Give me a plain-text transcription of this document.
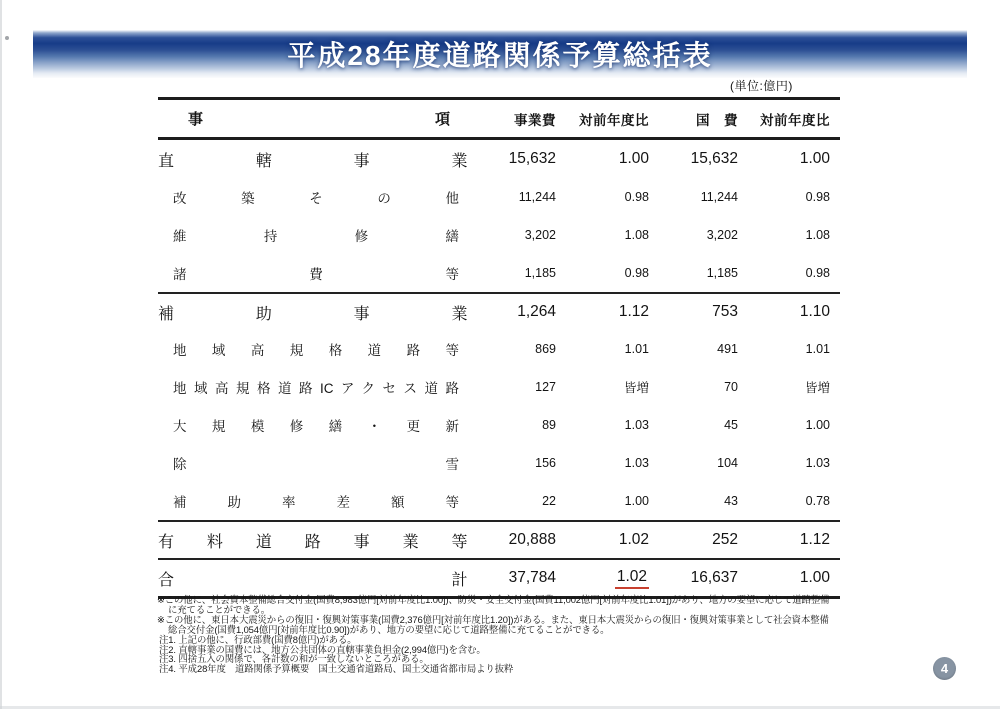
平成28年度道路関係予算総括表
(単位:億円)
事項	事業費	対前年度比	国　費	対前年度比
直轄事業	15,632	1.00	15,632	1.00
改築その他	11,244	0.98	11,244	0.98
維持修繕	3,202	1.08	3,202	1.08
諸費等	1,185	0.98	1,185	0.98
補助事業	1,264	1.12	753	1.10
地域高規格道路等	869	1.01	491	1.01
地域高規格道路ICアクセス道路	127	皆増	70	皆増
大規模修繕・更新	89	1.03	45	1.00
除雪	156	1.03	104	1.03
補助率差額等	22	1.00	43	0.78
有料道路事業等	20,888	1.02	252	1.12
合計	37,784	1.02	16,637	1.00
※この他に、社会資本整備総合交付金(国費8,983億円[対前年度比1.00])、防災・安全交付金(国費11,002億円[対前年度比1.01])があり、地方の要望に応じて道路整備に充てることができる。
※この他に、東日本大震災からの復旧・復興対策事業(国費2,376億円[対前年度比1.20])がある。また、東日本大震災からの復旧・復興対策事業として社会資本整備総合交付金(国費1,054億円[対前年度比0.90])があり、地方の要望に応じて道路整備に充てることができる。
注1. 上記の他に、行政部費(国費8億円)がある。
注2. 直轄事業の国費には、地方公共団体の直轄事業負担金(2,994億円)を含む。
注3. 四捨五入の関係で、各計数の和が一致しないところがある。
注4. 平成28年度　道路関係予算概要　国土交通省道路局、国土交通省都市局より抜粋	4
